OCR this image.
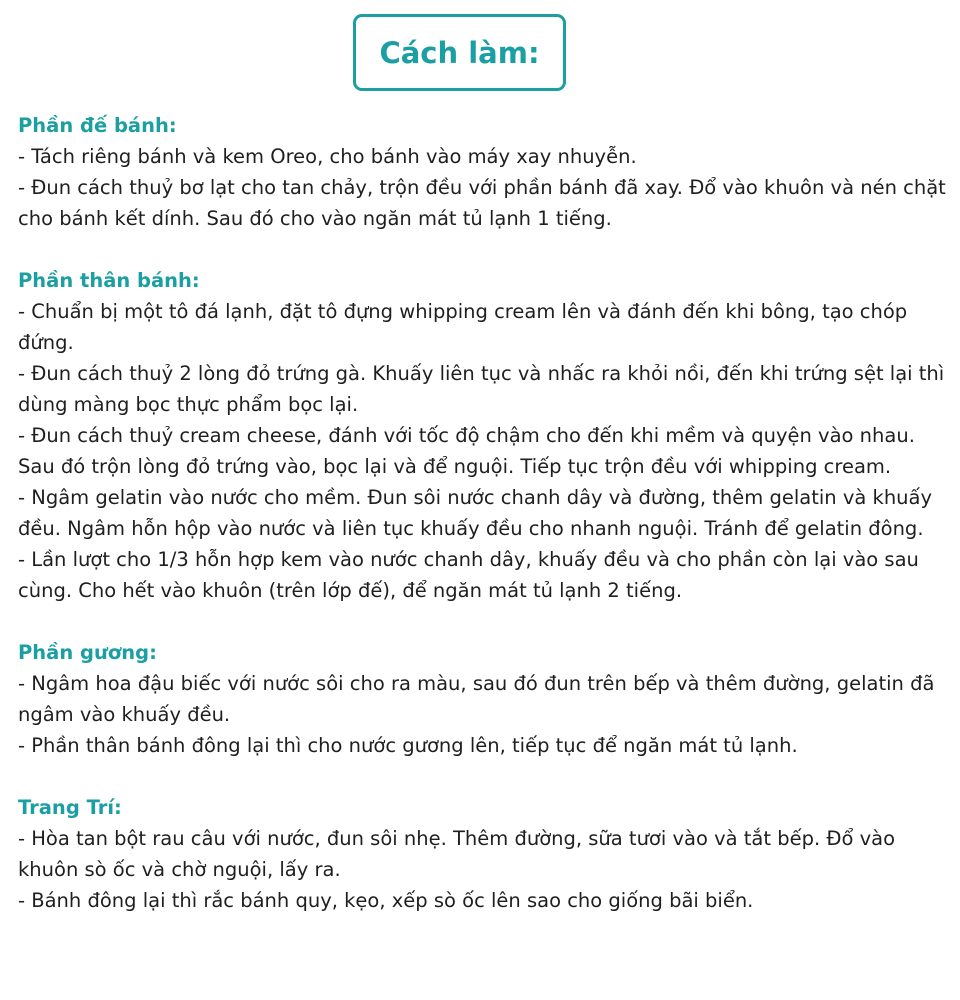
Cách làm:

Phần đế bánh:

- Tách riêng bánh và kem Oreo, cho bánh vào máy xay nhuyễn.

- Đun cách thuỷ bơ lạt cho tan chảy, trộn đều với phần bánh đã xay. Đổ vào khuôn và nén chặt cho bánh kết dính. Sau đó cho vào ngăn mát tủ lạnh 1 tiếng.

Phần thân bánh:

- Chuẩn bị một tô đá lạnh, đặt tô đựng whipping cream lên và đánh đến khi bông, tạo chóp đứng.

- Đun cách thuỷ 2 lòng đỏ trứng gà. Khuấy liên tục và nhấc ra khỏi nồi, đến khi trứng sệt lại thì dùng màng bọc thực phẩm bọc lại.

- Đun cách thuỷ cream cheese, đánh với tốc độ chậm cho đến khi mềm và quyện vào nhau. Sau đó trộn lòng đỏ trứng vào, bọc lại và để nguội. Tiếp tục trộn đều với whipping cream.

- Ngâm gelatin vào nước cho mềm. Đun sôi nước chanh dây và đường, thêm gelatin và khuấy đều. Ngâm hỗn hộp vào nước và liên tục khuấy đều cho nhanh nguội. Tránh để gelatin đông.

- Lần lượt cho 1/3 hỗn hợp kem vào nước chanh dây, khuấy đều và cho phần còn lại vào sau cùng. Cho hết vào khuôn (trên lớp đế), để ngăn mát tủ lạnh 2 tiếng.

Phần gương:

- Ngâm hoa đậu biếc với nước sôi cho ra màu, sau đó đun trên bếp và thêm đường, gelatin đã ngâm vào khuấy đều.

- Phần thân bánh đông lại thì cho nước gương lên, tiếp tục để ngăn mát tủ lạnh.

Trang Trí:

- Hòa tan bột rau câu với nước, đun sôi nhẹ. Thêm đường, sữa tươi vào và tắt bếp. Đổ vào khuôn sò ốc và chờ nguội, lấy ra.

- Bánh đông lại thì rắc bánh quy, kẹo, xếp sò ốc lên sao cho giống bãi biển.
